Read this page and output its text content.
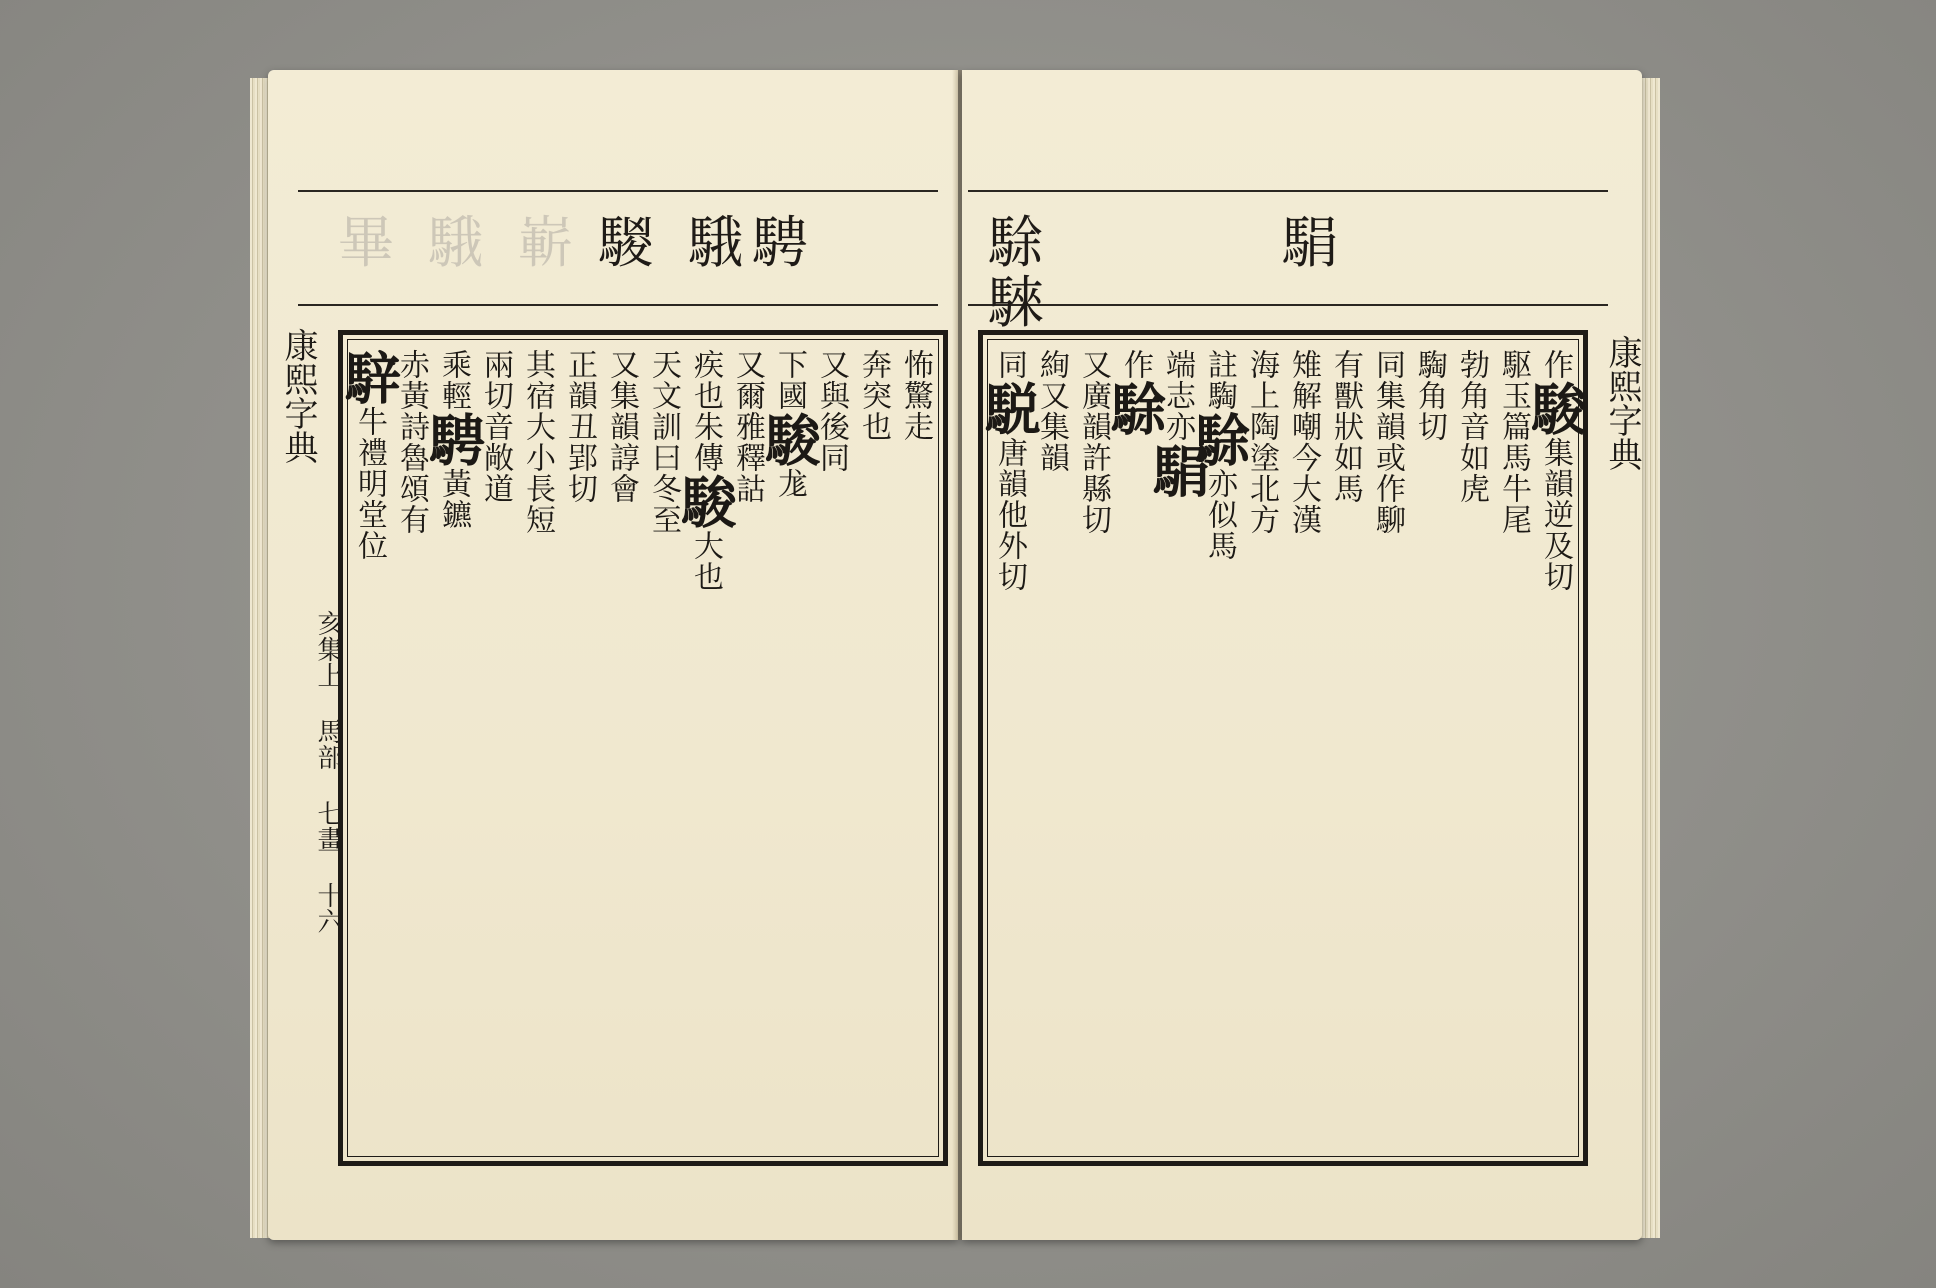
畢 騀 嶄 騣 騀騁
康熙字典
亥集上 馬部 七畫 十六
怖驚走
奔突也
又與後同
下國駿尨
又爾雅釋詁
疾也朱傳駿大也
天文訓曰冬至
又集韻諄會
正韻丑郢切
其宿大小長短
兩切音敞道
乘輕騁黃鑣
赤黃詩魯頌有
騂牛禮明堂位
駼 駽 騋
康熙字典
作駿集韻逆及切
駆玉篇馬牛尾
勃角音如虎
騊角切
同集韻或作駠
有獸狀如馬
雉解嘲今大漢
海上陶塗北方
註騊駼亦似馬
端志亦駽
作駼
又廣韻許縣切
絢又集韻
同駾唐韻他外切
